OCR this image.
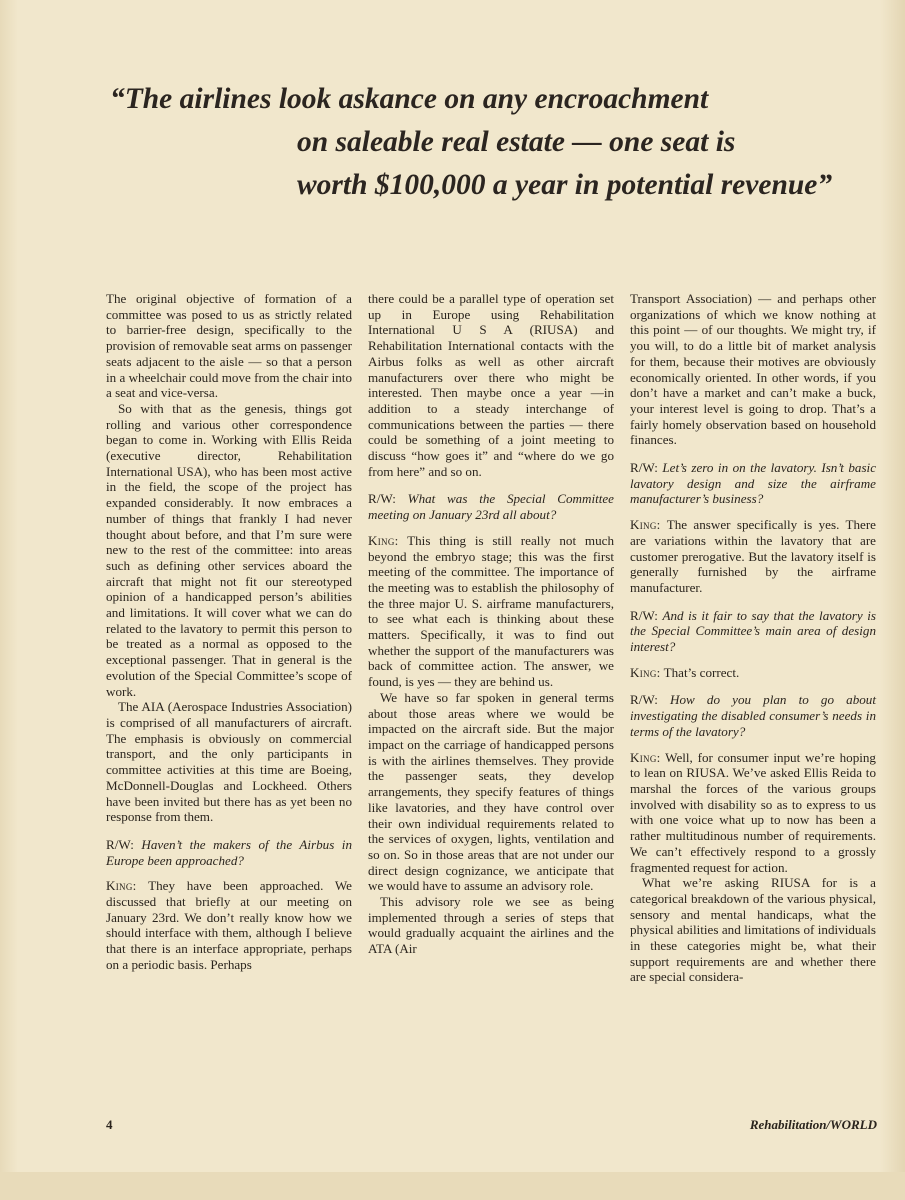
“The airlines look askance on any encroachment
on saleable real estate — one seat is
worth $100,000 a year in potential revenue”

The original objective of formation of a committee was posed to us as strictly related to barrier-free design, specifically to the provision of removable seat arms on passenger seats adjacent to the aisle — so that a person in a wheelchair could move from the chair into a seat and vice-versa.

So with that as the genesis, things got rolling and various other correspondence began to come in. Working with Ellis Reida (executive director, Rehabilitation International USA), who has been most active in the field, the scope of the project has expanded considerably. It now embraces a number of things that frankly I had never thought about before, and that I’m sure were new to the rest of the committee: into areas such as defining other services aboard the aircraft that might not fit our stereotyped opinion of a handicapped person’s abilities and limitations. It will cover what we can do related to the lavatory to permit this person to be treated as a normal as opposed to the exceptional passenger. That in general is the evolution of the Special Committee’s scope of work.

The AIA (Aerospace Industries Association) is comprised of all manufacturers of aircraft. The emphasis is obviously on commercial transport, and the only participants in committee activities at this time are Boeing, McDonnell-Douglas and Lockheed. Others have been invited but there has as yet been no response from them.

R/W: Haven’t the makers of the Airbus in Europe been approached?

King: They have been approached. We discussed that briefly at our meeting on January 23rd. We don’t really know how we should interface with them, although I believe that there is an interface appropriate, perhaps on a periodic basis. Perhaps

there could be a parallel type of operation set up in Europe using Rehabilitation International U S A (RIUSA) and Rehabilitation International contacts with the Airbus folks as well as other aircraft manufacturers over there who might be interested. Then maybe once a year —in addition to a steady interchange of communications between the parties — there could be something of a joint meeting to discuss “how goes it” and “where do we go from here” and so on.

R/W: What was the Special Committee meeting on January 23rd all about?

King: This thing is still really not much beyond the embryo stage; this was the first meeting of the committee. The importance of the meeting was to establish the philosophy of the three major U. S. airframe manufacturers, to see what each is thinking about these matters. Specifically, it was to find out whether the support of the manufacturers was back of committee action. The answer, we found, is yes — they are behind us.

We have so far spoken in general terms about those areas where we would be impacted on the aircraft side. But the major impact on the carriage of handicapped persons is with the airlines themselves. They provide the passenger seats, they develop arrangements, they specify features of things like lavatories, and they have control over their own individual requirements related to the services of oxygen, lights, ventilation and so on. So in those areas that are not under our direct design cognizance, we anticipate that we would have to assume an advisory role.

This advisory role we see as being implemented through a series of steps that would gradually acquaint the airlines and the ATA (Air

Transport Association) — and perhaps other organizations of which we know nothing at this point — of our thoughts. We might try, if you will, to do a little bit of market analysis for them, because their motives are obviously economically oriented. In other words, if you don’t have a market and can’t make a buck, your interest level is going to drop. That’s a fairly homely observation based on household finances.

R/W: Let’s zero in on the lavatory. Isn’t basic lavatory design and size the airframe manufacturer’s business?

King: The answer specifically is yes. There are variations within the lavatory that are customer prerogative. But the lavatory itself is generally furnished by the airframe manufacturer.

R/W: And is it fair to say that the lavatory is the Special Committee’s main area of design interest?

King: That’s correct.

R/W: How do you plan to go about investigating the disabled consumer’s needs in terms of the lavatory?

King: Well, for consumer input we’re hoping to lean on RIUSA. We’ve asked Ellis Reida to marshal the forces of the various groups involved with disability so as to express to us with one voice what up to now has been a rather multitudinous number of requirements. We can’t effectively respond to a grossly fragmented request for action.

What we’re asking RIUSA for is a categorical breakdown of the various physical, sensory and mental handicaps, what the physical abilities and limitations of individuals in these categories might be, what their support requirements are and whether there are special considera-

4	Rehabilitation/WORLD
